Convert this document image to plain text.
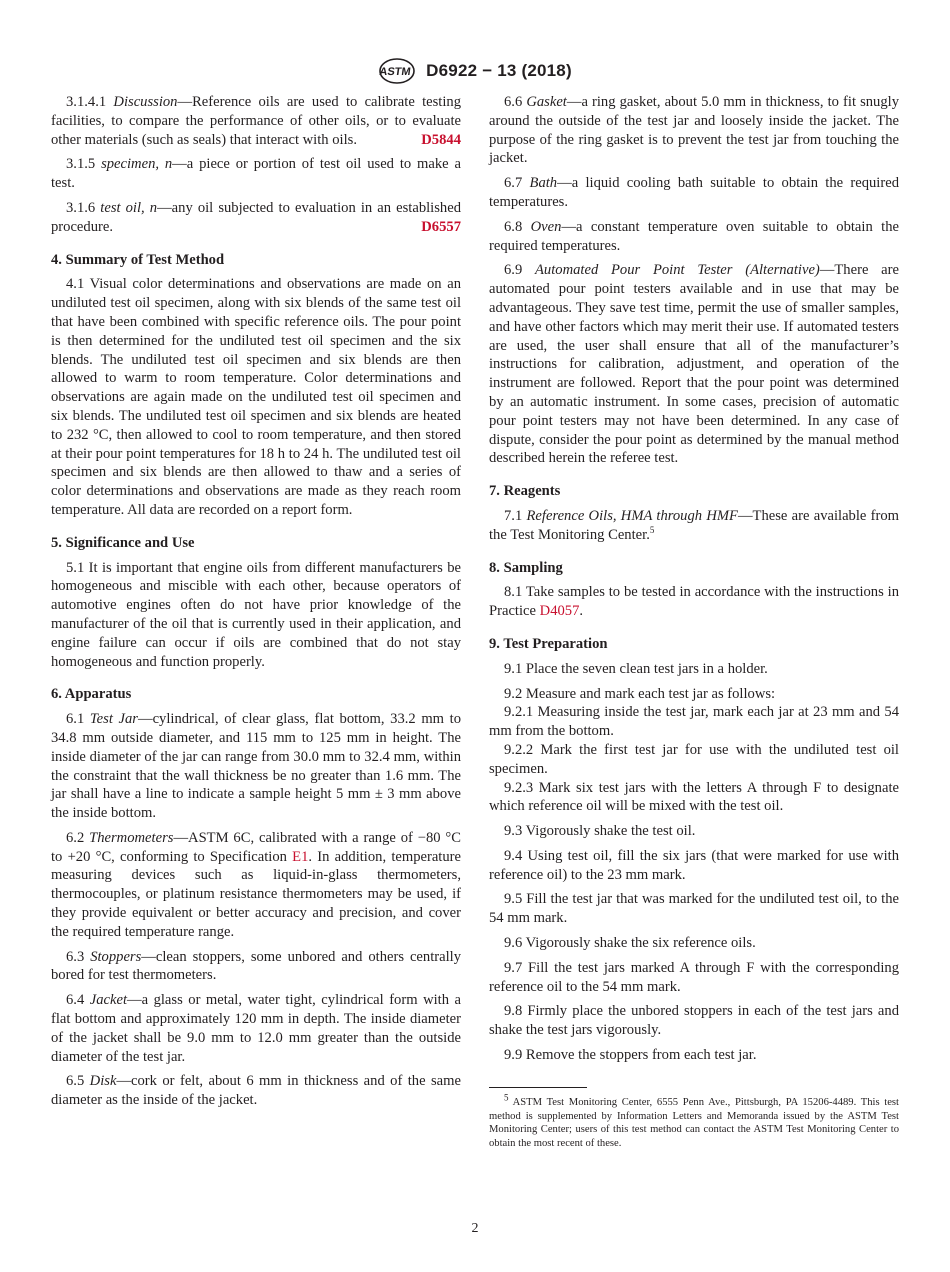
ASTM D6922 − 13 (2018)

3.1.4.1 Discussion—Reference oils are used to calibrate testing facilities, to compare the performance of other oils, or to evaluate other materials (such as seals) that interact with oils.	D5844

3.1.5 specimen, n—a piece or portion of test oil used to make a test.

3.1.6 test oil, n—any oil subjected to evaluation in an established procedure.	D6557

4. Summary of Test Method

4.1 Visual color determinations and observations are made on an undiluted test oil specimen, along with six blends of the same test oil that have been combined with specific reference oils. The pour point is then determined for the undiluted test oil specimen and the six blends. The undiluted test oil specimen and six blends are then allowed to warm to room temperature. Color determinations and observations are again made on the undiluted test oil specimen and six blends. The undiluted test oil specimen and six blends are heated to 232 °C, then allowed to cool to room temperature, and then stored at their pour point temperatures for 18 h to 24 h. The undiluted test oil specimen and six blends are then allowed to thaw and a series of color determinations and observations are made as they reach room temperature. All data are recorded on a report form.

5. Significance and Use

5.1 It is important that engine oils from different manufacturers be homogeneous and miscible with each other, because operators of automotive engines often do not have prior knowledge of the manufacturer of the oil that is currently used in their application, and engine failure can occur if oils are combined that do not stay homogeneous and function properly.

6. Apparatus

6.1 Test Jar—cylindrical, of clear glass, flat bottom, 33.2 mm to 34.8 mm outside diameter, and 115 mm to 125 mm in height. The inside diameter of the jar can range from 30.0 mm to 32.4 mm, within the constraint that the wall thickness be no greater than 1.6 mm. The jar shall have a line to indicate a sample height 5 mm ± 3 mm above the inside bottom.

6.2 Thermometers—ASTM 6C, calibrated with a range of −80 °C to +20 °C, conforming to Specification E1. In addition, temperature measuring devices such as liquid-in-glass thermometers, thermocouples, or platinum resistance thermometers may be used, if they provide equivalent or better accuracy and precision, and cover the required temperature range.

6.3 Stoppers—clean stoppers, some unbored and others centrally bored for test thermometers.

6.4 Jacket—a glass or metal, water tight, cylindrical form with a flat bottom and approximately 120 mm in depth. The inside diameter of the jacket shall be 9.0 mm to 12.0 mm greater than the outside diameter of the test jar.

6.5 Disk—cork or felt, about 6 mm in thickness and of the same diameter as the inside of the jacket.

6.6 Gasket—a ring gasket, about 5.0 mm in thickness, to fit snugly around the outside of the test jar and loosely inside the jacket. The purpose of the ring gasket is to prevent the test jar from touching the jacket.

6.7 Bath—a liquid cooling bath suitable to obtain the required temperatures.

6.8 Oven—a constant temperature oven suitable to obtain the required temperatures.

6.9 Automated Pour Point Tester (Alternative)—There are automated pour point testers available and in use that may be advantageous. They save test time, permit the use of smaller samples, and have other factors which may merit their use. If automated testers are used, the user shall ensure that all of the manufacturer’s instructions for calibration, adjustment, and operation of the instrument are followed. Report that the pour point was determined by an automatic instrument. In some cases, precision of automatic pour point testers may not have been determined. In any case of dispute, consider the pour point as determined by the manual method described herein the referee test.

7. Reagents

7.1 Reference Oils, HMA through HMF—These are available from the Test Monitoring Center.$^5$

8. Sampling

8.1 Take samples to be tested in accordance with the instructions in Practice D4057.

9. Test Preparation

9.1 Place the seven clean test jars in a holder.

9.2 Measure and mark each test jar as follows:

9.2.1 Measuring inside the test jar, mark each jar at 23 mm and 54 mm from the bottom.

9.2.2 Mark the first test jar for use with the undiluted test oil specimen.

9.2.3 Mark six test jars with the letters A through F to designate which reference oil will be mixed with the test oil.

9.3 Vigorously shake the test oil.

9.4 Using test oil, fill the six jars (that were marked for use with reference oil) to the 23 mm mark.

9.5 Fill the test jar that was marked for the undiluted test oil, to the 54 mm mark.

9.6 Vigorously shake the six reference oils.

9.7 Fill the test jars marked A through F with the corresponding reference oil to the 54 mm mark.

9.8 Firmly place the unbored stoppers in each of the test jars and shake the test jars vigorously.

9.9 Remove the stoppers from each test jar.

$^5$ ASTM Test Monitoring Center, 6555 Penn Ave., Pittsburgh, PA 15206-4489. This test method is supplemented by Information Letters and Memoranda issued by the ASTM Test Monitoring Center; users of this test method can contact the ASTM Test Monitoring Center to obtain the most recent of these.

2
